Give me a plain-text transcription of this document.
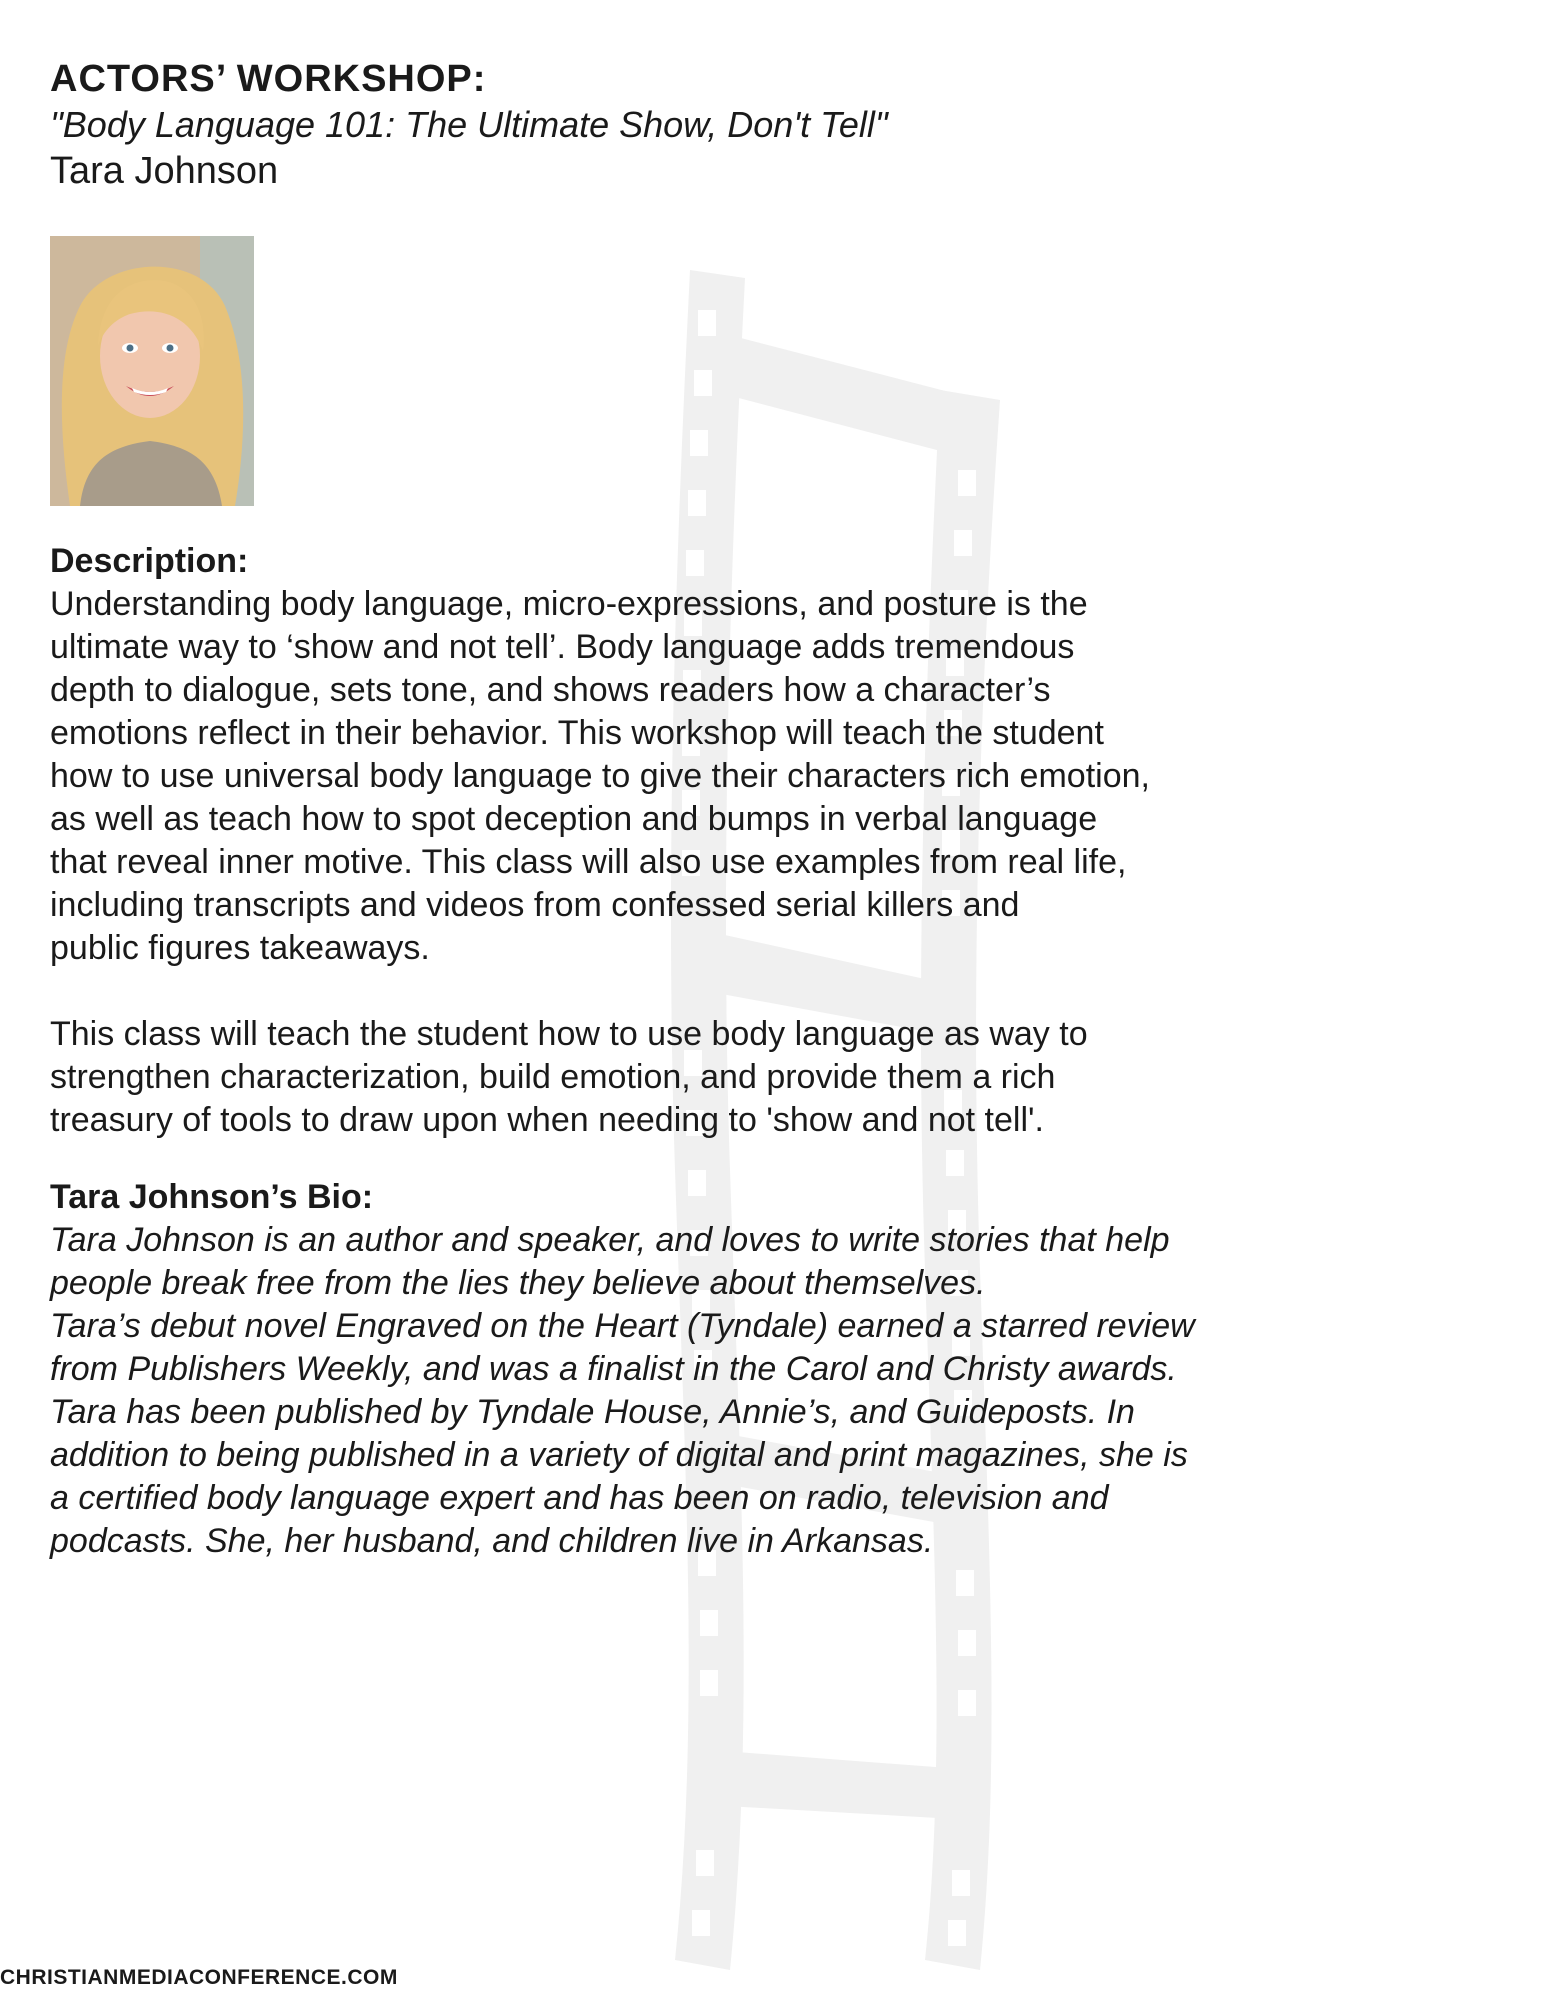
ACTORS’ WORKSHOP:
"Body Language 101: The Ultimate Show, Don't Tell"
Tara Johnson
Description:

Understanding body language, micro-expressions, and posture is the
ultimate way to ‘show and not tell’. Body language adds tremendous
depth to dialogue, sets tone, and shows readers how a character’s
emotions reflect in their behavior. This workshop will teach the student
how to use universal body language to give their characters rich emotion,
as well as teach how to spot deception and bumps in verbal language
that reveal inner motive. This class will also use examples from real life,
including transcripts and videos from confessed serial killers and
public figures takeaways.

This class will teach the student how to use body language as way to
strengthen characterization, build emotion, and provide them a rich
treasury of tools to draw upon when needing to 'show and not tell'.

Tara Johnson’s Bio:

Tara Johnson is an author and speaker, and loves to write stories that help
people break free from the lies they believe about themselves.
Tara’s debut novel Engraved on the Heart (Tyndale) earned a starred review
from Publishers Weekly, and was a finalist in the Carol and Christy awards.
Tara has been published by Tyndale House, Annie’s, and Guideposts. In
addition to being published in a variety of digital and print magazines, she is
a certified body language expert and has been on radio, television and
podcasts. She, her husband, and children live in Arkansas.

CHRISTIANMEDIACONFERENCE.COM
